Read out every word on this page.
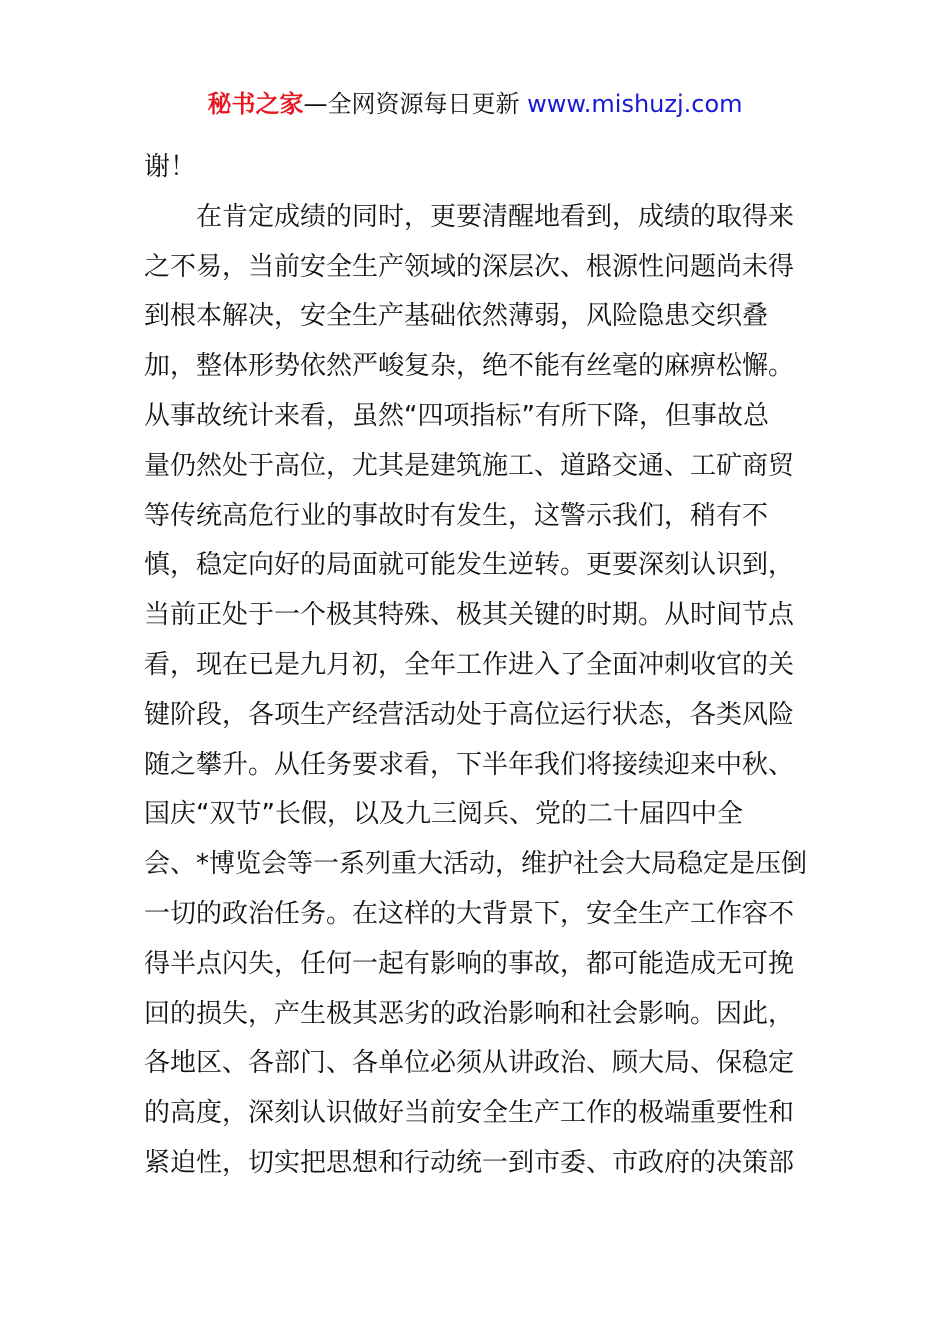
秘书之家—全网资源每日更新 www.mishuzj.com
谢！
　　在肯定成绩的同时，更要清醒地看到，成绩的取得来
之不易，当前安全生产领域的深层次、根源性问题尚未得
到根本解决，安全生产基础依然薄弱，风险隐患交织叠
加，整体形势依然严峻复杂，绝不能有丝毫的麻痹松懈。
从事故统计来看，虽然“四项指标”有所下降，但事故总
量仍然处于高位，尤其是建筑施工、道路交通、工矿商贸
等传统高危行业的事故时有发生，这警示我们，稍有不
慎，稳定向好的局面就可能发生逆转。更要深刻认识到，
当前正处于一个极其特殊、极其关键的时期。从时间节点
看，现在已是九月初，全年工作进入了全面冲刺收官的关
键阶段，各项生产经营活动处于高位运行状态，各类风险
随之攀升。从任务要求看，下半年我们将接续迎来中秋、
国庆“双节”长假，以及九三阅兵、党的二十届四中全
会、*博览会等一系列重大活动，维护社会大局稳定是压倒
一切的政治任务。在这样的大背景下，安全生产工作容不
得半点闪失，任何一起有影响的事故，都可能造成无可挽
回的损失，产生极其恶劣的政治影响和社会影响。因此，
各地区、各部门、各单位必须从讲政治、顾大局、保稳定
的高度，深刻认识做好当前安全生产工作的极端重要性和
紧迫性，切实把思想和行动统一到市委、市政府的决策部
